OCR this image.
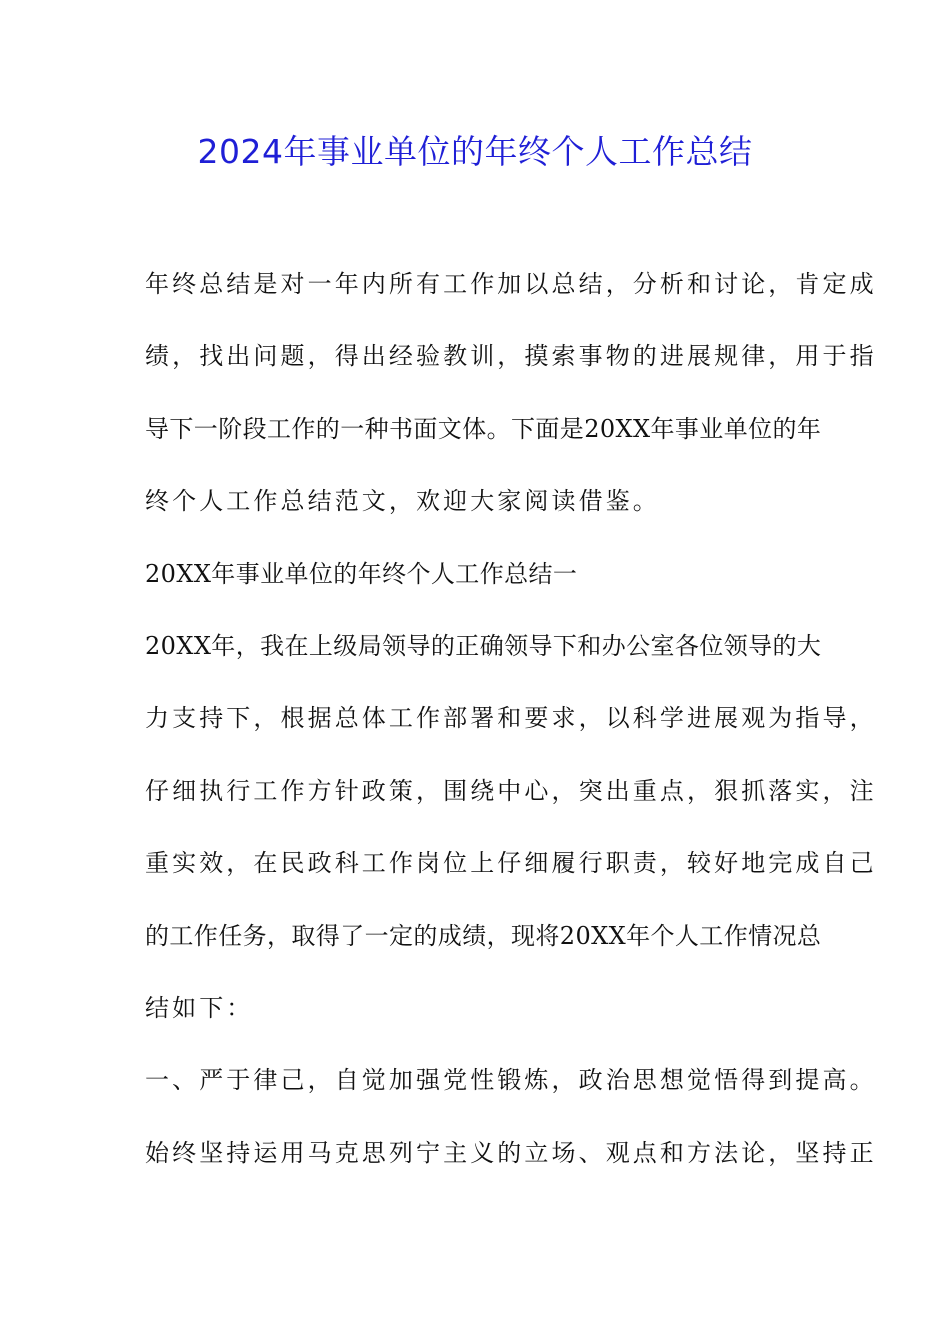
2024年事业单位的年终个人工作总结
年终总结是对一年内所有工作加以总结，分析和讨论，肯定成
绩，找出问题，得出经验教训，摸索事物的进展规律，用于指
导下一阶段工作的一种书面文体。下面是20XX年事业单位的年
终个人工作总结范文，欢迎大家阅读借鉴。
20XX年事业单位的年终个人工作总结一
20XX年，我在上级局领导的正确领导下和办公室各位领导的大
力支持下，根据总体工作部署和要求，以科学进展观为指导，
仔细执行工作方针政策，围绕中心，突出重点，狠抓落实，注
重实效，在民政科工作岗位上仔细履行职责，较好地完成自己
的工作任务，取得了一定的成绩，现将20XX年个人工作情况总
结如下：
一、严于律己，自觉加强党性锻炼，政治思想觉悟得到提高。
始终坚持运用马克思列宁主义的立场、观点和方法论，坚持正
